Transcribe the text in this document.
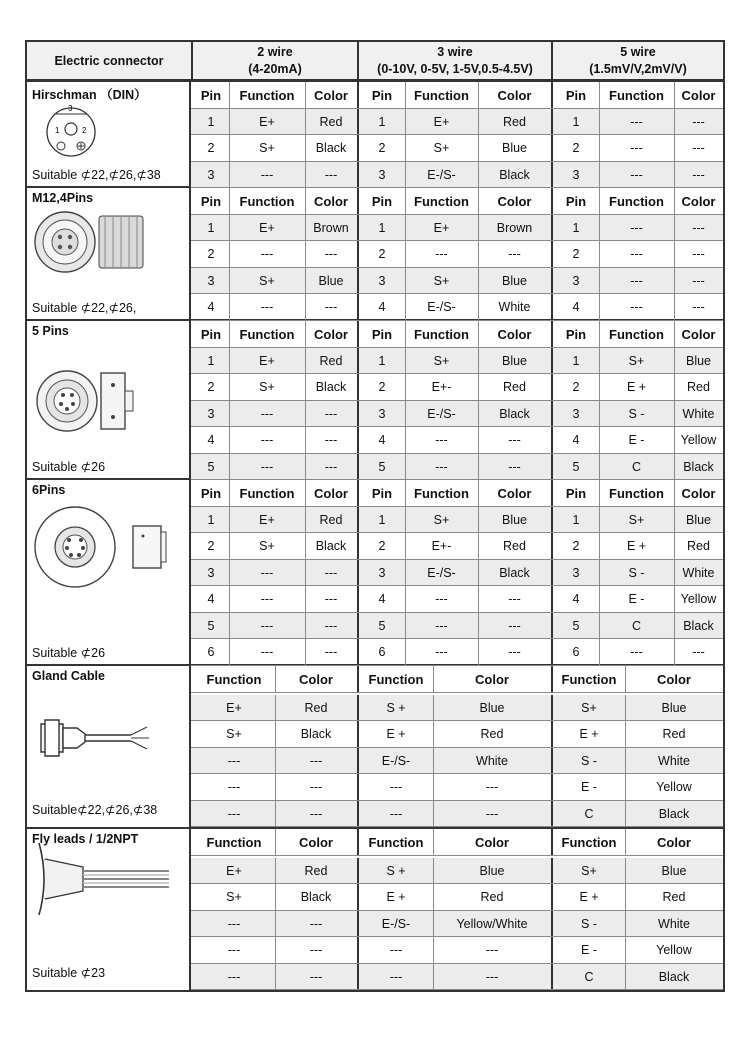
Electric connector
2 wire
(4-20mA)
3 wire
(0-10V, 0-5V, 1-5V,0.5-4.5V)
5 wire
(1.5mV/V,2mV/V)
Hirschman （DIN）
3
1	2
Suitable ⊄22,⊄26,⊄38
Pin	Function	Color	Pin	Function	Color	Pin	Function	Color
1	E+	Red	1	E+	Red	1	---	---
2	S+	Black	2	S+	Blue	2	---	---
3	---	---	3	E-/S-	Black	3	---	---
M12,4Pins
Suitable ⊄22,⊄26,
Pin	Function	Color	Pin	Function	Color	Pin	Function	Color
1	E+	Brown	1	E+	Brown	1	---	---
2	---	---	2	---	---	2	---	---
3	S+	Blue	3	S+	Blue	3	---	---
4	---	---	4	E-/S-	White	4	---	---
5 Pins
Suitable ⊄26
Pin	Function	Color	Pin	Function	Color	Pin	Function	Color
1	E+	Red	1	S+	Blue	1	S+	Blue
2	S+	Black	2	E+-	Red	2	E +	Red
3	---	---	3	E-/S-	Black	3	S -	White
4	---	---	4	---	---	4	E -	Yellow
5	---	---	5	---	---	5	C	Black
6Pins
Suitable ⊄26
Pin	Function	Color	Pin	Function	Color	Pin	Function	Color
1	E+	Red	1	S+	Blue	1	S+	Blue
2	S+	Black	2	E+-	Red	2	E +	Red
3	---	---	3	E-/S-	Black	3	S -	White
4	---	---	4	---	---	4	E -	Yellow
5	---	---	5	---	---	5	C	Black
6	---	---	6	---	---	6	---	---
Gland Cable
Suitable⊄22,⊄26,⊄38
Function	Color	Function	Color	Function	Color
E+	Red	S +	Blue	S+	Blue
S+	Black	E +	Red	E +	Red
---	---	E-/S-	White	S -	White
---	---	---	---	E -	Yellow
---	---	---	---	C	Black
Fly leads / 1/2NPT
Suitable ⊄23
Function	Color	Function	Color	Function	Color
E+	Red	S +	Blue	S+	Blue
S+	Black	E +	Red	E +	Red
---	---	E-/S-	Yellow/White	S -	White
---	---	---	---	E -	Yellow
---	---	---	---	C	Black
